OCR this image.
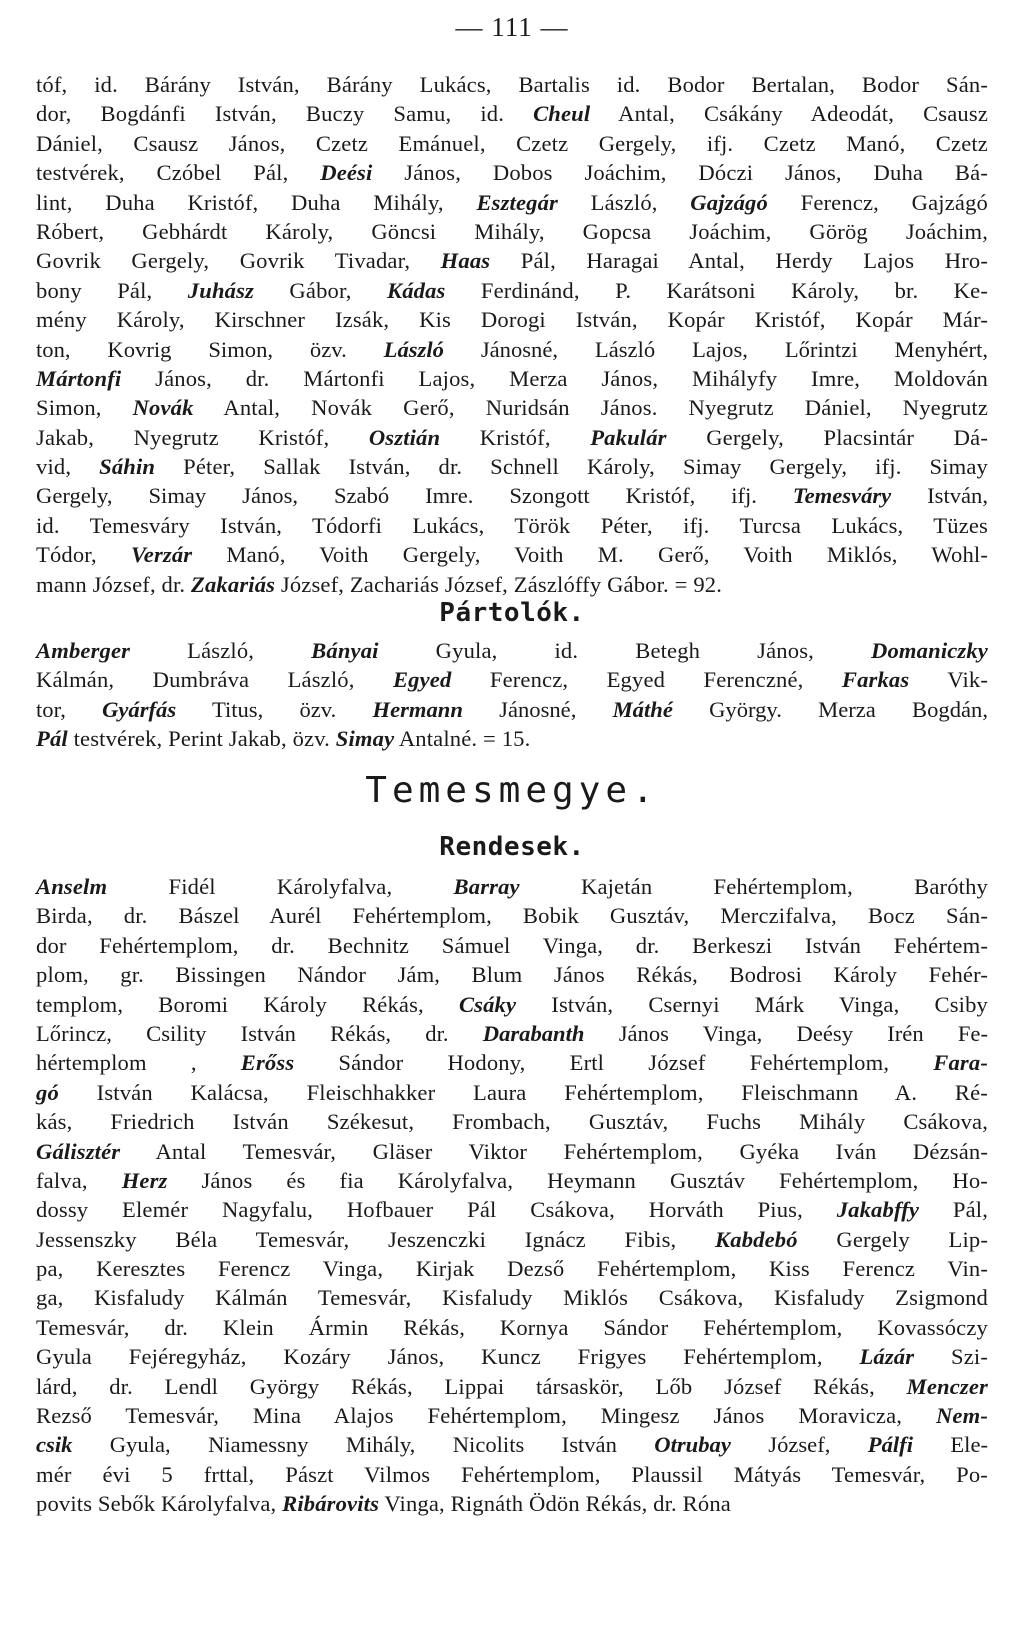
— 111 —
tóf, id. Bárány István, Bárány Lukács, Bartalis id. Bodor Bertalan, Bodor Sán-
dor, Bogdánfi István, Buczy Samu, id. Cheul Antal, Csákány Adeodát, Csausz
Dániel, Csausz János, Czetz Emánuel, Czetz Gergely, ifj. Czetz Manó, Czetz
testvérek, Czóbel Pál, Deési János, Dobos Joáchim, Dóczi János, Duha Bá-
lint, Duha Kristóf, Duha Mihály, Esztegár László, Gajzágó Ferencz, Gajzágó
Róbert, Gebhárdt Károly, Göncsi Mihály, Gopcsa Joáchim, Görög Joáchim,
Govrik Gergely, Govrik Tivadar, Haas Pál, Haragai Antal, Herdy Lajos Hro-
bony Pál, Juhász Gábor, Kádas Ferdinánd, P. Karátsoni Károly, br. Ke-
mény Károly, Kirschner Izsák, Kis Dorogi István, Kopár Kristóf, Kopár Már-
ton, Kovrig Simon, özv. László Jánosné, László Lajos, Lőrintzi Menyhért,
Mártonfi János, dr. Mártonfi Lajos, Merza János, Mihályfy Imre, Moldován
Simon, Novák Antal, Novák Gerő, Nuridsán János. Nyegrutz Dániel, Nyegrutz
Jakab, Nyegrutz Kristóf, Osztián Kristóf, Pakulár Gergely, Placsintár Dá-
vid, Sáhin Péter, Sallak István, dr. Schnell Károly, Simay Gergely, ifj. Simay
Gergely, Simay János, Szabó Imre. Szongott Kristóf, ifj. Temesváry István,
id. Temesváry István, Tódorfi Lukács, Török Péter, ifj. Turcsa Lukács, Tüzes
Tódor, Verzár Manó, Voith Gergely, Voith M. Gerő, Voith Miklós, Wohl-
mann József, dr. Zakariás József, Zachariás József, Zászlóffy Gábor. = 92.
Pártolók.
Amberger László, Bányai Gyula, id. Betegh János, Domaniczky
Kálmán, Dumbráva László, Egyed Ferencz, Egyed Ferenczné, Farkas Vik-
tor, Gyárfás Titus, özv. Hermann Jánosné, Máthé György. Merza Bogdán,
Pál testvérek, Perint Jakab, özv. Simay Antalné. = 15.
Temesmegye.
Rendesek.
Anselm Fidél Károlyfalva, Barray Kajetán Fehértemplom, Baróthy
Birda, dr. Bászel Aurél Fehértemplom, Bobik Gusztáv, Merczifalva, Bocz Sán-
dor Fehértemplom, dr. Bechnitz Sámuel Vinga, dr. Berkeszi István Fehértem-
plom, gr. Bissingen Nándor Jám, Blum János Rékás, Bodrosi Károly Fehér-
templom, Boromi Károly Rékás, Csáky István, Csernyi Márk Vinga, Csiby
Lőrincz, Csility István Rékás, dr. Darabanth János Vinga, Deésy Irén Fe-
hértemplom , Erőss Sándor Hodony, Ertl József Fehértemplom, Fara-
gó István Kalácsa, Fleischhakker Laura Fehértemplom, Fleischmann A. Ré-
kás, Friedrich István Székesut, Frombach, Gusztáv, Fuchs Mihály Csákova,
Gálisztér Antal Temesvár, Gläser Viktor Fehértemplom, Gyéka Iván Dézsán-
falva, Herz János és fia Károlyfalva, Heymann Gusztáv Fehértemplom, Ho-
dossy Elemér Nagyfalu, Hofbauer Pál Csákova, Horváth Pius, Jakabffy Pál,
Jessenszky Béla Temesvár, Jeszenczki Ignácz Fibis, Kabdebó Gergely Lip-
pa, Keresztes Ferencz Vinga, Kirjak Dezső Fehértemplom, Kiss Ferencz Vin-
ga, Kisfaludy Kálmán Temesvár, Kisfaludy Miklós Csákova, Kisfaludy Zsigmond
Temesvár, dr. Klein Ármin Rékás, Kornya Sándor Fehértemplom, Kovassóczy
Gyula Fejéregyház, Kozáry János, Kuncz Frigyes Fehértemplom, Lázár Szi-
lárd, dr. Lendl György Rékás, Lippai társaskör, Lőb József Rékás, Menczer
Rezső Temesvár, Mina Alajos Fehértemplom, Mingesz János Moravicza, Nem-
csik Gyula, Niamessny Mihály, Nicolits István Otrubay József, Pálfi Ele-
mér évi 5 frttal, Pászt Vilmos Fehértemplom, Plaussil Mátyás Temesvár, Po-
povits Sebők Károlyfalva, Ribárovits Vinga, Rignáth Ödön Rékás, dr. Róna
